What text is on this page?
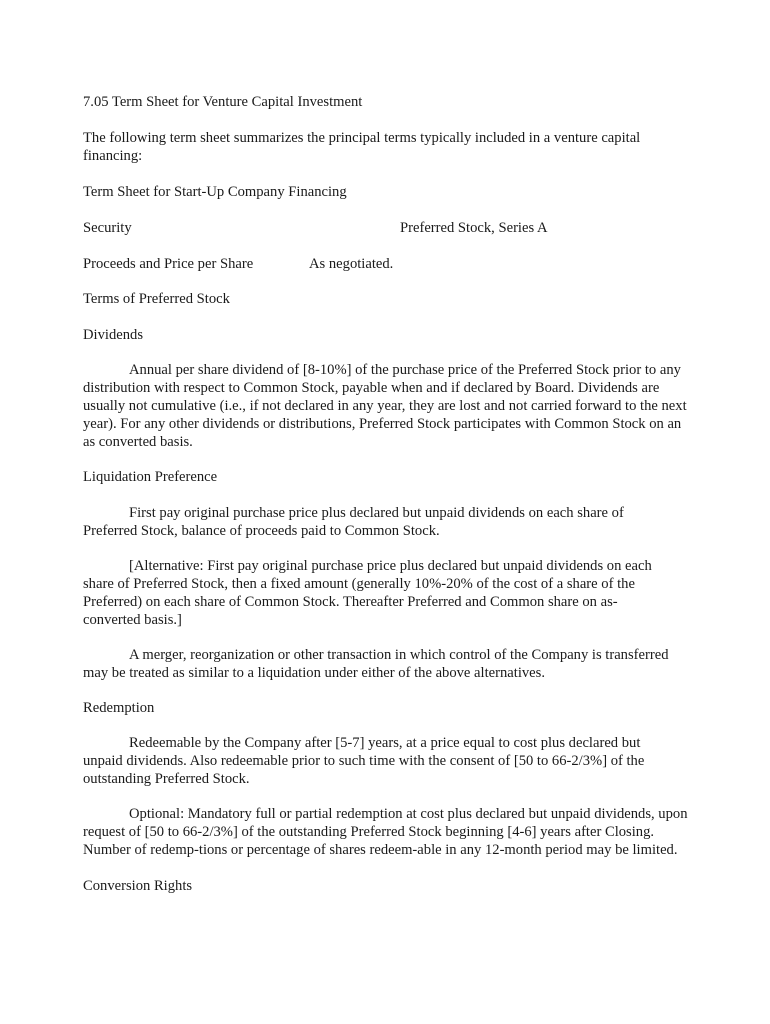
7.05 Term Sheet for Venture Capital Investment

The following term sheet summarizes the principal terms typically included in a venture capital financing:

Term Sheet for Start-Up Company Financing

Security	Preferred Stock, Series A
Proceeds and Price per Share	As negotiated.

Terms of Preferred Stock

Dividends

Annual per share dividend of [8-10%] of the purchase price of the Preferred Stock prior to any distribution with respect to Common Stock, payable when and if declared by Board. Dividends are usually not cumulative (i.e., if not declared in any year, they are lost and not carried forward to the next year). For any other dividends or distributions, Preferred Stock participates with Common Stock on an as converted basis.

Liquidation Preference

First pay original purchase price plus declared but unpaid dividends on each share of Preferred Stock, balance of proceeds paid to Common Stock.

[Alternative: First pay original purchase price plus declared but unpaid dividends on each share of Preferred Stock, then a fixed amount (generally 10%-20% of the cost of a share of the Preferred) on each share of Common Stock. Thereafter Preferred and Common share on as-converted basis.]

A merger, reorganization or other transaction in which control of the Company is transferred may be treated as similar to a liquidation under either of the above alternatives.

Redemption

Redeemable by the Company after [5-7] years, at a price equal to cost plus declared but unpaid dividends. Also redeemable prior to such time with the consent of [50 to 66-2/3%] of the outstanding Preferred Stock.

Optional: Mandatory full or partial redemption at cost plus declared but unpaid dividends, upon request of [50 to 66-2/3%] of the outstanding Preferred Stock beginning [4-6] years after Closing. Number of redemp-tions or percentage of shares redeem-able in any 12-month period may be limited.

Conversion Rights
